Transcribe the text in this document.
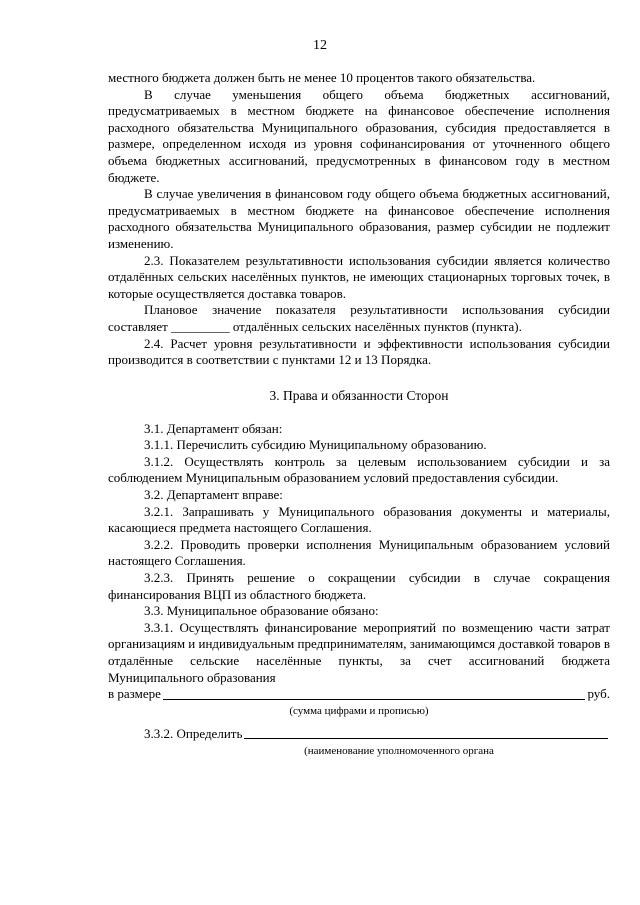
12

местного бюджета должен быть не менее 10 процентов такого обязательства.

В случае уменьшения общего объема бюджетных ассигнований, предусматриваемых в местном бюджете на финансовое обеспечение исполнения расходного обязательства Муниципального образования, субсидия предоставляется в размере, определенном исходя из уровня софинансирования от уточненного общего объема бюджетных ассигнований, предусмотренных в финансовом году в местном бюджете.

В случае увеличения в финансовом году общего объема бюджетных ассигнований, предусматриваемых в местном бюджете на финансовое обеспечение исполнения расходного обязательства Муниципального образования, размер субсидии не подлежит изменению.

2.3. Показателем результативности использования субсидии является количество отдалённых сельских населённых пунктов, не имеющих стационарных торговых точек, в которые осуществляется доставка товаров.

Плановое значение показателя результативности использования субсидии составляет _________ отдалённых сельских населённых пунктов (пункта).

2.4. Расчет уровня результативности и эффективности использования субсидии производится в соответствии с пунктами 12 и 13 Порядка.

3. Права и обязанности Сторон

3.1. Департамент обязан:

3.1.1. Перечислить субсидию Муниципальному образованию.

3.1.2. Осуществлять контроль за целевым использованием субсидии и за соблюдением Муниципальным образованием условий предоставления субсидии.

3.2. Департамент вправе:

3.2.1. Запрашивать у Муниципального образования документы и материалы, касающиеся предмета настоящего Соглашения.

3.2.2. Проводить проверки исполнения Муниципальным образованием условий настоящего Соглашения.

3.2.3. Принять решение о сокращении субсидии в случае сокращения финансирования ВЦП из областного бюджета.

3.3. Муниципальное образование обязано:

3.3.1. Осуществлять финансирование мероприятий по возмещению части затрат организациям и индивидуальным предпринимателям, занимающимся доставкой товаров в отдалённые сельские населённые пункты, за счет ассигнований бюджета Муниципального образования

в размере	руб.
(сумма цифрами и прописью)
3.3.2. Определить
(наименование уполномоченного органа
